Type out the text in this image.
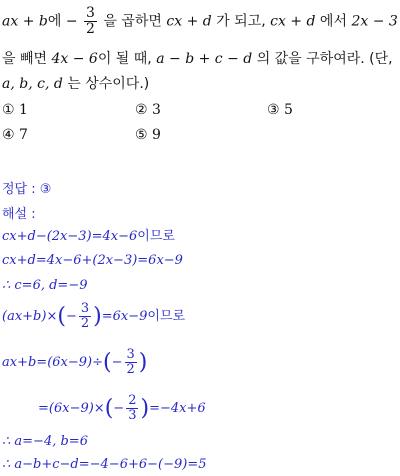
ax + b에 − $\frac{3}{2}$ 을 곱하면 cx + d 가 되고, cx + d 에서 2x − 3
을 빼면 4x − 6이 될 때, a − b + c − d 의 값을 구하여라. (단,
a, b, c, d 는 상수이다.)
① 1	② 3	③ 5
④ 7	⑤ 9
정답 : ③
해설 :
cx+d−(2x−3)=4x−6이므로
cx+d=4x−6+(2x−3)=6x−9
∴ c=6, d=−9
$(ax+b)\times(- \frac{3}{2} )=6x-9$이므로
$ax+b=(6x-9)\div(- \frac{3}{2}$ )
$=(6x-9)\times(- \frac{2}{3} )=-4x+6$
∴ a=−4, b=6
∴ a−b+c−d=−4−6+6−(−9)=5
